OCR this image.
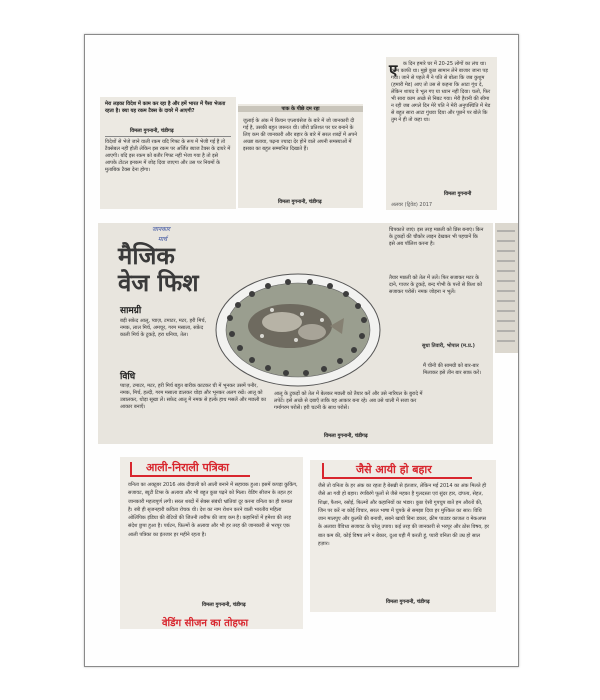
मेरा लड़का विदेश में काम कर रहा है और हमें भारत में पैसा भेजता रहता है। क्या यह रकम टैक्स के दायरे में आएगी?
विमला गुगनानी, चंडीगढ़
विदेशों से भेजे जाने वाली रकम यदि गिफ्ट के रूप में भेजी गई है तो टैक्सेबल नहीं होती लेकिन इस रकम पर अर्जित ब्याज टैक्स के दायरे में आएगी। यदि इस रकम को बतौर गिफ्ट नहीं भेजा गया है तो इसे आपके टोटल इनकम में जोड़ दिया जाएगा और उस पर नियमों के मुताबिक टैक्स देना होगा।
पाक के पीछे दम रहा
जुलाई के अंक में किचन एप्लायंसेज के बारे में जो जानकारी दी गई है, उसकी बहुत जरूरत थी। जीरो प्रतिशत पर घर बनाने के लिए कम की जानकारी और बहार के बारे में सरल शब्दों में अपने अच्छा बताया, पढ़ना ज्यादा देर होने वाले अपनी समस्याओं में इसका का बहुत सम्मानित दिखाते हैं।
विमला गुगनानी, चंडीगढ़
ए	क दिन हमारे घर में 20-25 लोगों का लंच था। काम काफी था। मुझे कुछ सामान लेने बाजार जाना पड़ गया। जाने से पहले मैं ने पति से बोला कि जब कुशुम (हमारी मेड) आए तो उस से कहना कि आटा गूंथ दे, लेकिन शायद वे भूल गए या ध्यान नहीं दिया। चलो, फिर भी सारा काम अच्छे से निबट गया। मेरी हैरानी की सीमा न रही जब अगले दिन मेरे पति ने मेरी अनुपस्थिति में मेड से बहुत सारा आटा गुंधवा दिया और पूछने पर बोले कि तुम ने ही तो कहा था।
विमला गुगनानी
अलवर (ट्रिवेड) 2017
जानकार
मार्च
मैजिक
वेज फिश
सामग्री
बड़ी सफ़ेद आलू, प्याज़, टमाटर, मटर, हरी मिर्च, नमक, लाल मिर्च, अमचूर, गरम मसाला, सफ़ेद काली मिर्च के टुकड़े, हरा धनिया, तेल।
विधि
प्याज़, टमाटर, मटर, हरी मिर्च बहुत बारीक काटकर घी में भूनकर उसमें पनीर, नमक, मिर्च, हल्दी, गरम मसाला डालकर थोड़ा और भूनकर अलग रखें। आलू को उबालकर, थोड़ा सूखा लें। सफ़ेद आलू में नमक से हल्के हाथ मसलें और मछली का आकार बनाएँ।
चिपकाते जाएं। इस तरह मछली को प्रिंस बनाएं। किन के टुकड़ों की चौकोर लाइन देखकर भी पहचानें कि इसे अब पॉलिश करना है।
तैयार मछली को तेल में तलें। फिर सजाकर मटर के दाने, गाजर के टुकड़े, बन्द गोभी के पत्तों से फ़िश को सजाकर परोसें। नमक जोड़ना न भूलें।
सुधा तिवारी, भोपाल (म.प्र.)
मैं चीनी की सामग्री को बार-बार मिलाकर इसे तीन बार साफ़ करें।
आलू के टुकड़ों को तेल में बेलकर मछली को तैयार करें और उसे नारियल के बुरादे में लपेटें। इसे अच्छे से दबाएँ ताकि यह आकार बना रहे। अब उसे थाली में सजा कर गर्मागरम परोसें। हरी चटनी के साथ परोसें।
विमला गुगनानी, चंडीगढ़
आली-निराली पत्रिका
वनिता का अक्टूबर 2016 अंक दीवाली को आली बनाने में सहायक हुआ। इसमें कपड़ा कुकिंग, सजावट, ब्यूटी टिप्स के अलावा और भी बहुत कुछ पढ़ने को मिला। वेडिंग सीजन के तहत हर जानकारी महत्वपूर्ण लगी। सरल शब्दों में सेक्स संबंधी भ्रांतियां दूर करना वनिता का ही कमाल है। स्त्री ही सृजनहारी कविता रोचक थी। देश का नाम रोशन करने वाली भारतीय महिला ओलिंपिक इंडिया की बेटियों की जितनी तारीफ की जाए कम है। कहानियों में हमेशा की तरह संदेश छुपा हुआ है। पर्यटन, फ़िल्मों के अलावा और भी हर तरह की जानकारी से भरपूर एक आली पत्रिका का इंतजार हर महीने रहता है।
विमला गुगनानी, चंडीगढ़
वेडिंग सीजन का तोहफा
जैसे आयी हो बहार
जैसे तो वनिता के हर अंक का रहता है बेसब्री से इंतजार, लेकिन मई 2014 का अंक मिलते ही जैसे आ गयी हो बहार। रंगबिरंगे फूलों से जैसे महका है गुलदस्ता एवं सुंदर हार, दांपत्य, सेहत, शिक्षा, फैशन, रसोई, फिल्मों और कहानियों का भंडार। कुछ ऐसी गुपचुप बातें हम औरतों की, जिन पर करें ना कोई विचार, सरल भाषा में चुपके से समझा दिया हर मुश्किल का सार। विधि जान मालपुए और कुल्फी की बनायी, सबने खायी बिना डकार, क्रीम पाउडर काजल व मेकअप्स के अलावा वैविध्य सजावट के घरेलू उपाय। कई तरह की जानकारी से भरपूर और ठोस विषय, हर बात कम की, कोई विषय लगे न बेकार, दुआ यही मैं करती हूं, प्यारी वनिता की उम्र हो साल हज़ार।
विमला गुगनानी, चंडीगढ़
